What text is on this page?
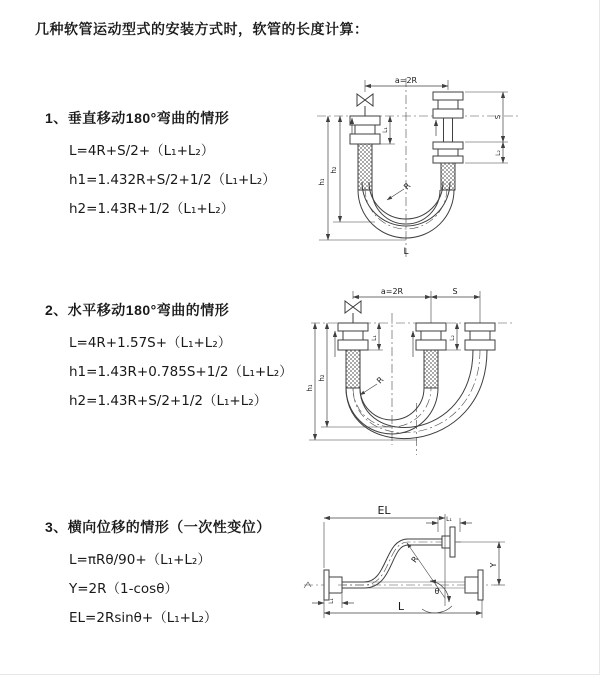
几种软管运动型式的安装方式时，软管的长度计算：
1、垂直移动180°弯曲的情形
L=4R+S/2+（L₁+L₂）
h1=1.432R+S/2+1/2（L₁+L₂）
h2=1.43R+1/2（L₁+L₂）
2、水平移动180°弯曲的情形
L=4R+1.57S+（L₁+L₂）
h1=1.43R+0.785S+1/2（L₁+L₂）
h2=1.43R+S/2+1/2（L₁+L₂）
3、横向位移的情形（一次性变位）
L=πRθ/90+（L₁+L₂）
Y=2R（1-cosθ）
EL=2Rsinθ+（L₁+L₂）
a=2R
h₂
h₁
S
L₂
L₁
R
L
a=2R	S
h₂
h₁
L₁	L₂
R
EL
L₁
Y
L
L₁
R
θ
